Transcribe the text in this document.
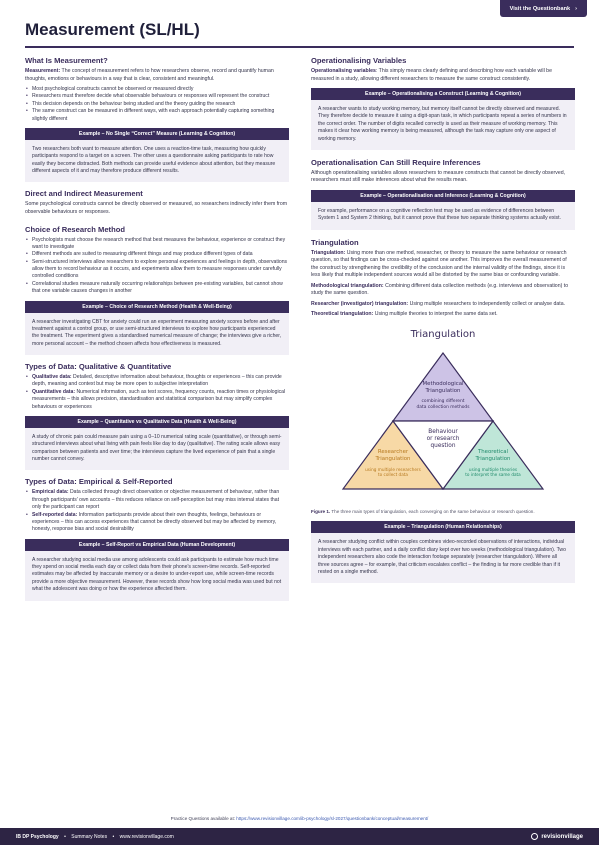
Visit the Questionbank ›
Measurement (SL/HL)
What Is Measurement?

Measurement: The concept of measurement refers to how researchers observe, record and quantify human thoughts, emotions or behaviours in a way that is clear, consistent and meaningful.

• Most psychological constructs cannot be observed or measured directly
• Researchers must therefore decide what observable behaviours or responses will represent the construct
• This decision depends on the behaviour being studied and the theory guiding the research
• The same construct can be measured in different ways, with each approach potentially capturing something slightly different
Example – No Single “Correct” Measure (Learning & Cognition)
Two researchers both want to measure attention. One uses a reaction-time task, measuring how quickly participants respond to a target on a screen. The other uses a questionnaire asking participants to rate how easily they become distracted. Both methods can provide useful evidence about attention, but they measure different aspects of it and may therefore produce different results.
Direct and Indirect Measurement

Some psychological constructs cannot be directly observed or measured, so researchers indirectly infer them from observable behaviours or responses.

Choice of Research Method
• Psychologists must choose the research method that best measures the behaviour, experience or construct they want to investigate
• Different methods are suited to measuring different things and may produce different types of data
• Semi-structured interviews allow researchers to explore personal experiences and feelings in depth, observations allow them to record behaviour as it occurs, and experiments allow them to measure responses under carefully controlled conditions
• Correlational studies measure naturally occurring relationships between pre-existing variables, but cannot show that one variable causes changes in another
Example – Choice of Research Method (Health & Well-Being)
A researcher investigating CBT for anxiety could run an experiment measuring anxiety scores before and after treatment against a control group, or use semi-structured interviews to explore how participants experienced the treatment. The experiment gives a standardised numerical measure of change; the interviews give a richer, more personal account – the method chosen affects how effectiveness is measured.
Types of Data: Qualitative & Quantitative
• Qualitative data: Detailed, descriptive information about behaviour, thoughts or experiences – this can provide depth, meaning and context but may be more open to subjective interpretation
• Quantitative data: Numerical information, such as test scores, frequency counts, reaction times or physiological measurements – this allows precision, standardisation and statistical comparison but may simplify complex behaviours or experiences
Example – Quantitative vs Qualitative Data (Health & Well-Being)
A study of chronic pain could measure pain using a 0–10 numerical rating scale (quantitative), or through semi-structured interviews about what living with pain feels like day to day (qualitative). The rating scale allows easy comparison between patients and over time; the interviews capture the lived experience of pain that a single number cannot convey.
Types of Data: Empirical & Self-Reported
• Empirical data: Data collected through direct observation or objective measurement of behaviour, rather than through participants' own accounts – this reduces reliance on self-perception but may miss internal states that only the participant can report
• Self-reported data: Information participants provide about their own thoughts, feelings, behaviours or experiences – this can access experiences that cannot be directly observed but may be affected by memory, honesty, response bias and social desirability
Example – Self-Report vs Empirical Data (Human Development)
A researcher studying social media use among adolescents could ask participants to estimate how much time they spend on social media each day or collect data from their phone's screen-time records. Self-reported estimates may be affected by inaccurate memory or a desire to under-report use, while screen-time records provide a more objective measurement. However, these records show how long social media was used but not what the adolescent was doing or how the experience affected them.
Operationalising Variables

Operationalising variables: This simply means clearly defining and describing how each variable will be measured in a study, allowing different researchers to measure the same construct consistently.

Example – Operationalising a Construct (Learning & Cognition)
A researcher wants to study working memory, but memory itself cannot be directly observed and measured. They therefore decide to measure it using a digit-span task, in which participants repeat a series of numbers in the correct order. The number of digits recalled correctly is used as their measure of working memory. This makes it clear how working memory is being measured, although the task may capture only one aspect of working memory.
Operationalisation Can Still Require Inferences

Although operationalising variables allows researchers to measure constructs that cannot be directly observed, researchers must still make inferences about what the results mean.

Example – Operationalisation and Inference (Learning & Cognition)
For example, performance on a cognitive reflection test may be used as evidence of differences between System 1 and System 2 thinking, but it cannot prove that these two separate thinking systems actually exist.
Triangulation

Triangulation: Using more than one method, researcher, or theory to measure the same behaviour or research question, so that findings can be cross-checked against one another. This improves the overall measurement of the construct by strengthening the credibility of the conclusion and the internal validity of the findings, since it is less likely that multiple independent sources would all be distorted by the same bias or confounding variable.

Methodological triangulation: Combining different data collection methods (e.g. interviews and observation) to study the same question.

Researcher (investigator) triangulation: Using multiple researchers to independently collect or analyse data.

Theoretical triangulation: Using multiple theories to interpret the same data set.

Triangulation
Methodological
Triangulation
combining different
data collection methods
Researcher
Triangulation
using multiple researchers
to collect data
Theoretical
Triangulation
using multiple theories
to interpret the same data
Behaviour
or research
question

Figure 1. The three main types of triangulation, each converging on the same behaviour or research question.

Example – Triangulation (Human Relationships)
A researcher studying conflict within couples combines video-recorded observations of interactions, individual interviews with each partner, and a daily conflict diary kept over two weeks (methodological triangulation). Two independent researchers also code the interaction footage separately (researcher triangulation). Where all three sources agree – for example, that criticism escalates conflict – the finding is far more credible than if it rested on a single method.
Practice Questions available at: https://www.revisionvillage.com/ib-psychology/sl-2027/questionbank/conceptual/measurement/
IB DP Psychology • Summary Notes • www.revisionvillage.com	revisionvillage
